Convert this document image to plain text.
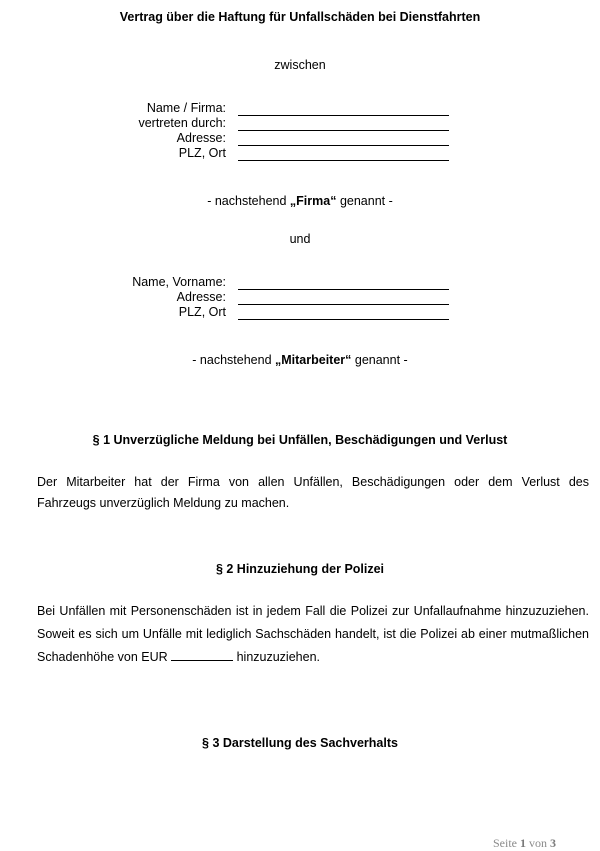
Vertrag über die Haftung für Unfallschäden bei Dienstfahrten
zwischen
Name / Firma:
vertreten durch:
Adresse:
PLZ, Ort
- nachstehend „Firma“ genannt -
und
Name, Vorname:
Adresse:
PLZ, Ort
- nachstehend „Mitarbeiter“ genannt -
§ 1 Unverzügliche Meldung bei Unfällen, Beschädigungen und Verlust
Der Mitarbeiter hat der Firma von allen Unfällen, Beschädigungen oder dem Verlust des
Fahrzeugs unverzüglich Meldung zu machen.
§ 2 Hinzuziehung der Polizei
Bei Unfällen mit Personenschäden ist in jedem Fall die Polizei zur Unfallaufnahme hinzuzuziehen.
Soweit es sich um Unfälle mit lediglich Sachschäden handelt, ist die Polizei ab einer mutmaßlichen
Schadenhöhe von EUR	hinzuzuziehen.
§ 3 Darstellung des Sachverhalts
Seite 1 von 3
